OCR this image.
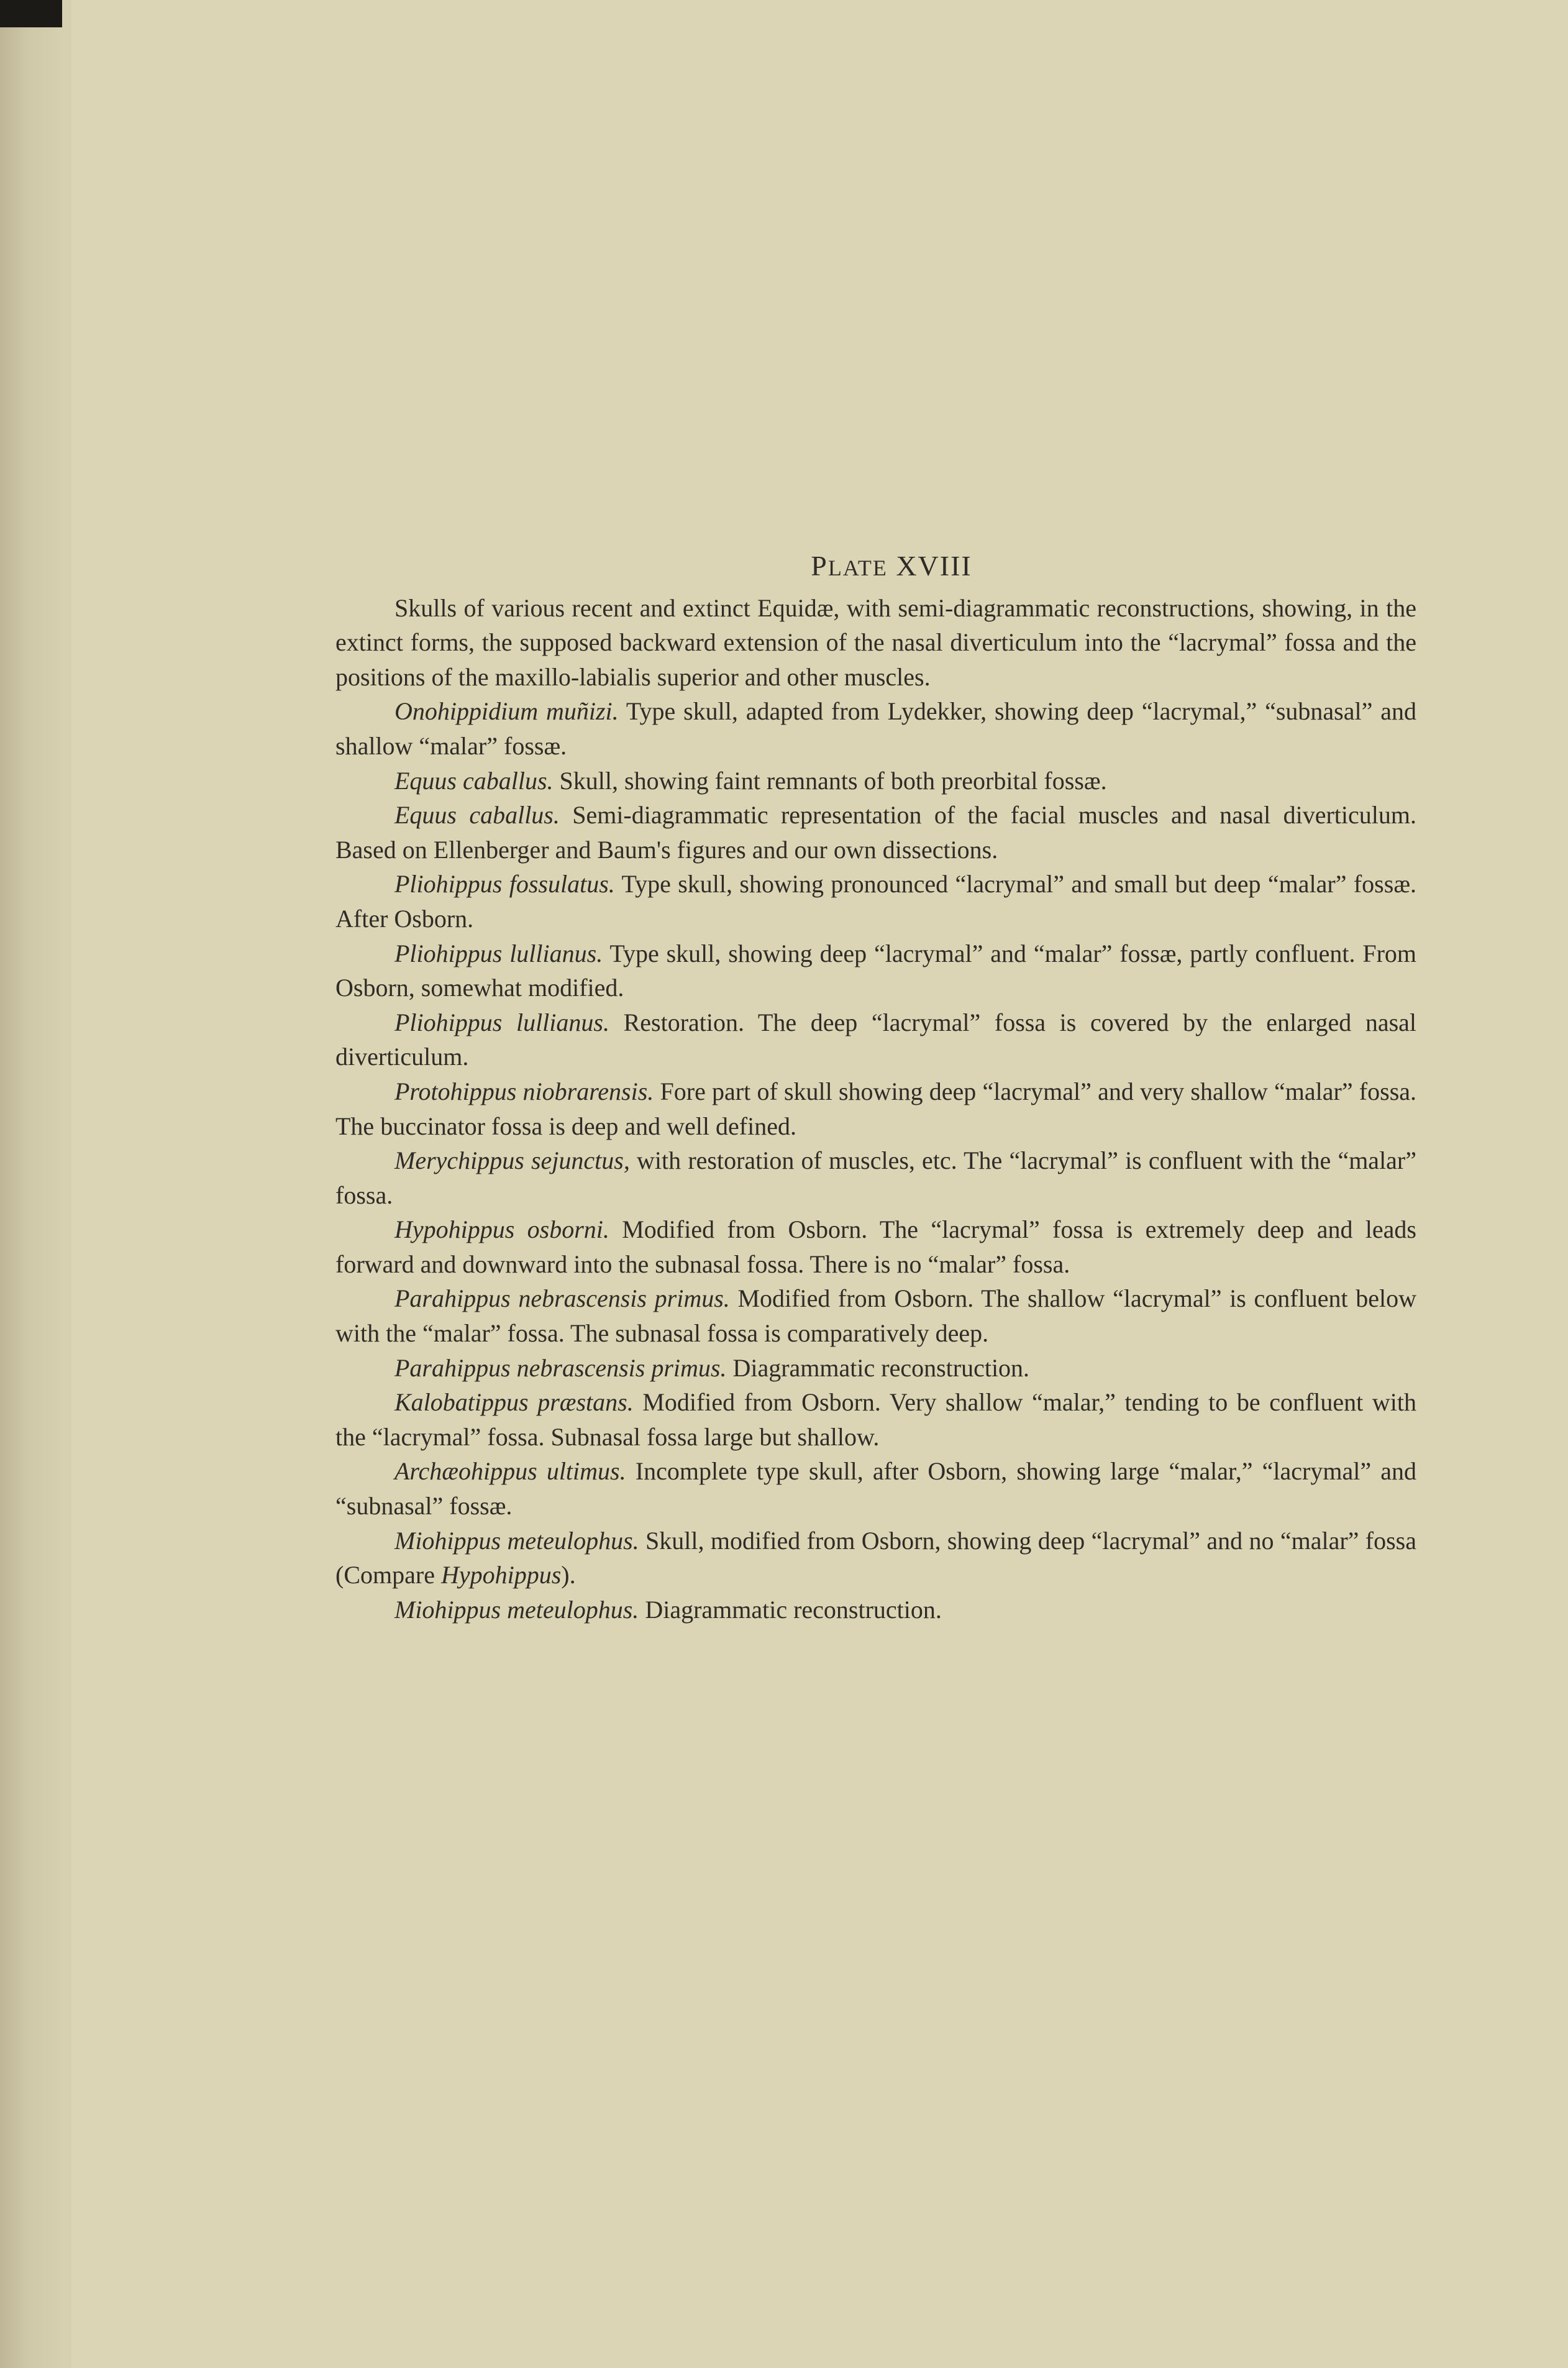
PLATE XVIII

Skulls of various recent and extinct Equidæ, with semi-diagrammatic reconstructions, showing, in the extinct forms, the supposed backward extension of the nasal diverticulum into the “lacrymal” fossa and the positions of the maxillo-labialis superior and other muscles.

Onohippidium muñizi. Type skull, adapted from Lydekker, showing deep “lacrymal,” “subnasal” and shallow “malar” fossæ.

Equus caballus. Skull, showing faint remnants of both preorbital fossæ.

Equus caballus. Semi-diagrammatic representation of the facial muscles and nasal diverticulum. Based on Ellenberger and Baum's figures and our own dissections.

Pliohippus fossulatus. Type skull, showing pronounced “lacrymal” and small but deep “malar” fossæ. After Osborn.

Pliohippus lullianus. Type skull, showing deep “lacrymal” and “malar” fossæ, partly confluent. From Osborn, somewhat modified.

Pliohippus lullianus. Restoration. The deep “lacrymal” fossa is covered by the enlarged nasal diverticulum.

Protohippus niobrarensis. Fore part of skull showing deep “lacrymal” and very shallow “malar” fossa. The buccinator fossa is deep and well defined.

Merychippus sejunctus, with restoration of muscles, etc. The “lacrymal” is confluent with the “malar” fossa.

Hypohippus osborni. Modified from Osborn. The “lacrymal” fossa is extremely deep and leads forward and downward into the subnasal fossa. There is no “malar” fossa.

Parahippus nebrascensis primus. Modified from Osborn. The shallow “lacrymal” is confluent below with the “malar” fossa. The subnasal fossa is comparatively deep.

Parahippus nebrascensis primus. Diagrammatic reconstruction.

Kalobatippus præstans. Modified from Osborn. Very shallow “malar,” tending to be confluent with the “lacrymal” fossa. Subnasal fossa large but shallow.

Archæohippus ultimus. Incomplete type skull, after Osborn, showing large “malar,” “lacrymal” and “subnasal” fossæ.

Miohippus meteulophus. Skull, modified from Osborn, showing deep “lacrymal” and no “malar” fossa (Compare Hypohippus).

Miohippus meteulophus. Diagrammatic reconstruction.
